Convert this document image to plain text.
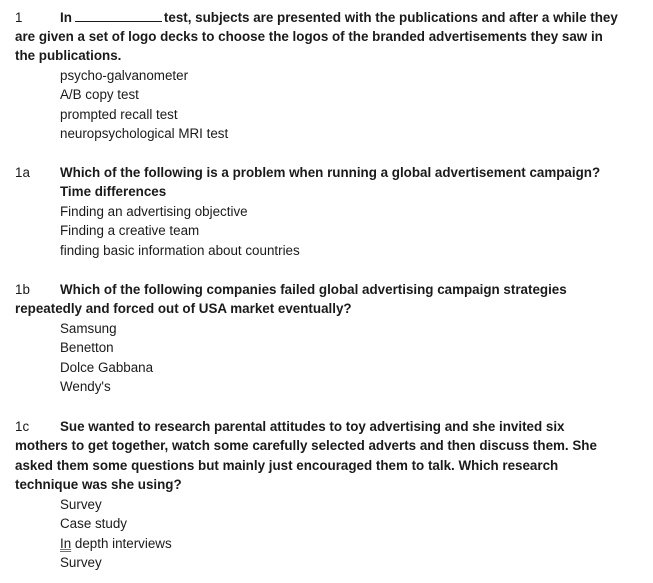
1	In	test, subjects are presented with the publications and after a while they
are given a set of logo decks to choose the logos of the branded advertisements they saw in
the publications.
psycho-galvanometer
A/B copy test
prompted recall test
neuropsychological MRI test
1a Which of the following is a problem when running a global advertisement campaign?
Time differences
Finding an advertising objective
Finding a creative team
finding basic information about countries
1b Which of the following companies failed global advertising campaign strategies
repeatedly and forced out of USA market eventually?
Samsung
Benetton
Dolce Gabbana
Wendy's
1c Sue wanted to research parental attitudes to toy advertising and she invited six
mothers to get together, watch some carefully selected adverts and then discuss them. She
asked them some questions but mainly just encouraged them to talk. Which research
technique was she using?
Survey
Case study
In depth interviews
Survey
